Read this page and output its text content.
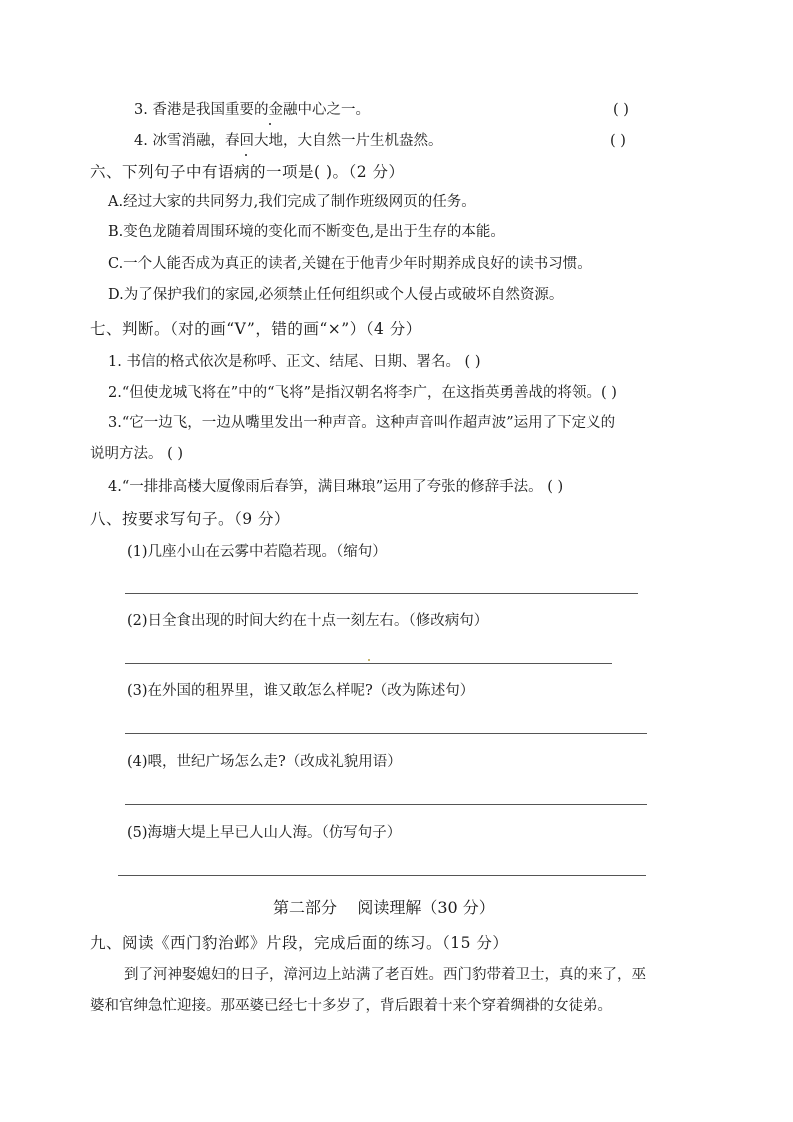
3. 香港是我国重要的金融中心之一。	( )
4. 冰雪消融，春回大地，大自然一片生机盎然。	( )
六、下列句子中有语病的一项是( )。（2 分）
A.经过大家的共同努力,我们完成了制作班级网页的任务。
B.变色龙随着周围环境的变化而不断变色,是出于生存的本能。
C.一个人能否成为真正的读者,关键在于他青少年时期养成良好的读书习惯。
D.为了保护我们的家园,必须禁止任何组织或个人侵占或破坏自然资源。
七、判断。（对的画“V”，错的画“×”）（4 分）
1. 书信的格式依次是称呼、正文、结尾、日期、署名。 ( )
2.“但使龙城飞将在”中的“飞将”是指汉朝名将李广，在这指英勇善战的将领。( )
3.“它一边飞，一边从嘴里发出一种声音。这种声音叫作超声波”运用了下定义的
说明方法。 ( )
4.“一排排高楼大厦像雨后春笋，满目琳琅”运用了夸张的修辞手法。 ( )
八、按要求写句子。（9 分）
(1)几座小山在云雾中若隐若现。（缩句）
(2)日全食出现的时间大约在十点一刻左右。（修改病句）
(3)在外国的租界里，谁又敢怎么样呢?（改为陈述句）
(4)喂，世纪广场怎么走?（改成礼貌用语）
(5)海塘大堤上早已人山人海。（仿写句子）
第二部分    阅读理解（30 分）
九、阅读《西门豹治邺》片段，完成后面的练习。（15 分）
到了河神娶媳妇的日子，漳河边上站满了老百姓。西门豹带着卫士，真的来了，巫
婆和官绅急忙迎接。那巫婆已经七十多岁了，背后跟着十来个穿着绸褂的女徒弟。
